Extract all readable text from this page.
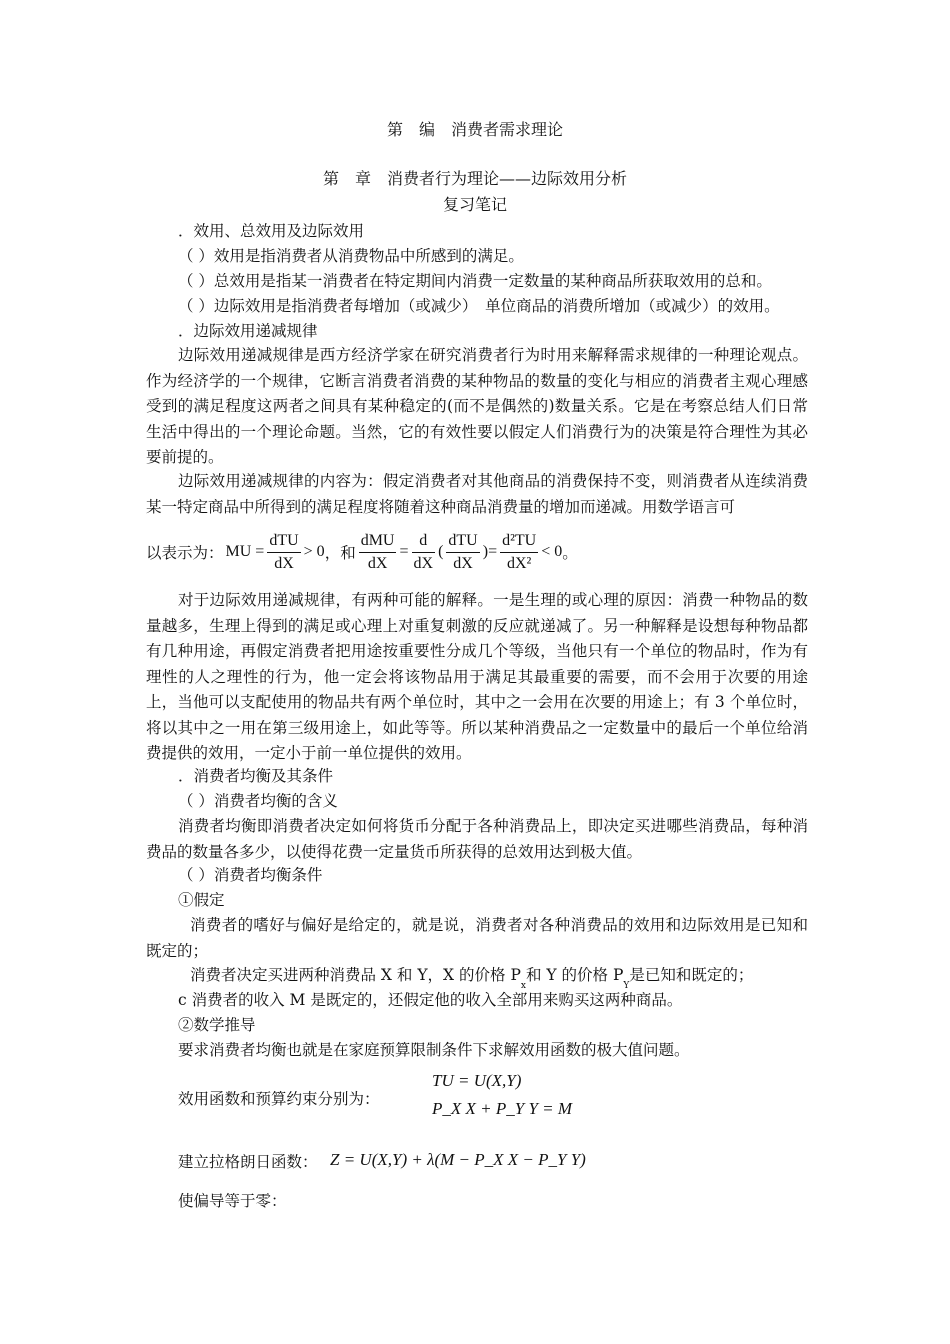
第　编　消费者需求理论
第　章　消费者行为理论——边际效用分析
复习笔记
．效用、总效用及边际效用
（ ）效用是指消费者从消费物品中所感到的满足。
（ ）总效用是指某一消费者在特定期间内消费一定数量的某种商品所获取效用的总和。
（ ）边际效用是指消费者每增加（或减少）　单位商品的消费所增加（或减少）的效用。
．边际效用递减规律
边际效用递减规律是西方经济学家在研究消费者行为时用来解释需求规律的一种理论观点。作为经济学的一个规律，它断言消费者消费的某种物品的数量的变化与相应的消费者主观心理感受到的满足程度这两者之间具有某种稳定的(而不是偶然的)数量关系。它是在考察总结人们日常生活中得出的一个理论命题。当然，它的有效性要以假定人们消费行为的决策是符合理性为其必要前提的。
边际效用递减规律的内容为：假定消费者对其他商品的消费保持不变，则消费者从连续消费某一特定商品中所得到的满足程度将随着这种商品消费量的增加而递减。用数学语言可
以表示为： MU = $\frac{\text{dTU}}{dX} > 0$ ，和 $\frac{\text{dMU}}{dX} = \frac{d}{dX}$ ( $\frac{\text{dTU}}{dX}$ ) = $\frac{\text{d²TU}}{\text{dX²}} < 0$ 。
对于边际效用递减规律，有两种可能的解释。一是生理的或心理的原因：消费一种物品的数量越多，生理上得到的满足或心理上对重复刺激的反应就递减了。另一种解释是设想每种物品都有几种用途，再假定消费者把用途按重要性分成几个等级，当他只有一个单位的物品时，作为有理性的人之理性的行为，他一定会将该物品用于满足其最重要的需要，而不会用于次要的用途上，当他可以支配使用的物品共有两个单位时，其中之一会用在次要的用途上；有 3 个单位时，将以其中之一用在第三级用途上，如此等等。所以某种消费品之一定数量中的最后一个单位给消费提供的效用，一定小于前一单位提供的效用。
．消费者均衡及其条件
（ ）消费者均衡的含义
消费者均衡即消费者决定如何将货币分配于各种消费品上，即决定买进哪些消费品，每种消费品的数量各多少，以使得花费一定量货币所获得的总效用达到极大值。
（ ）消费者均衡条件
①假定
消费者的嗜好与偏好是给定的，就是说，消费者对各种消费品的效用和边际效用是已知和既定的；
消费者决定买进两种消费品 X 和 Y，X 的价格 $P_x$和 Y 的价格 $P_Y$是已知和既定的；
c 消费者的收入 M 是既定的，还假定他的收入全部用来购买这两种商品。
②数学推导
要求消费者均衡也就是在家庭预算限制条件下求解效用函数的极大值问题。
效用函数和预算约束分别为：
TU = U(X,Y)
P_X X + P_Y Y = M
建立拉格朗日函数： Z = U(X,Y) + λ(M − P_X X − P_Y Y)
使偏导等于零：
